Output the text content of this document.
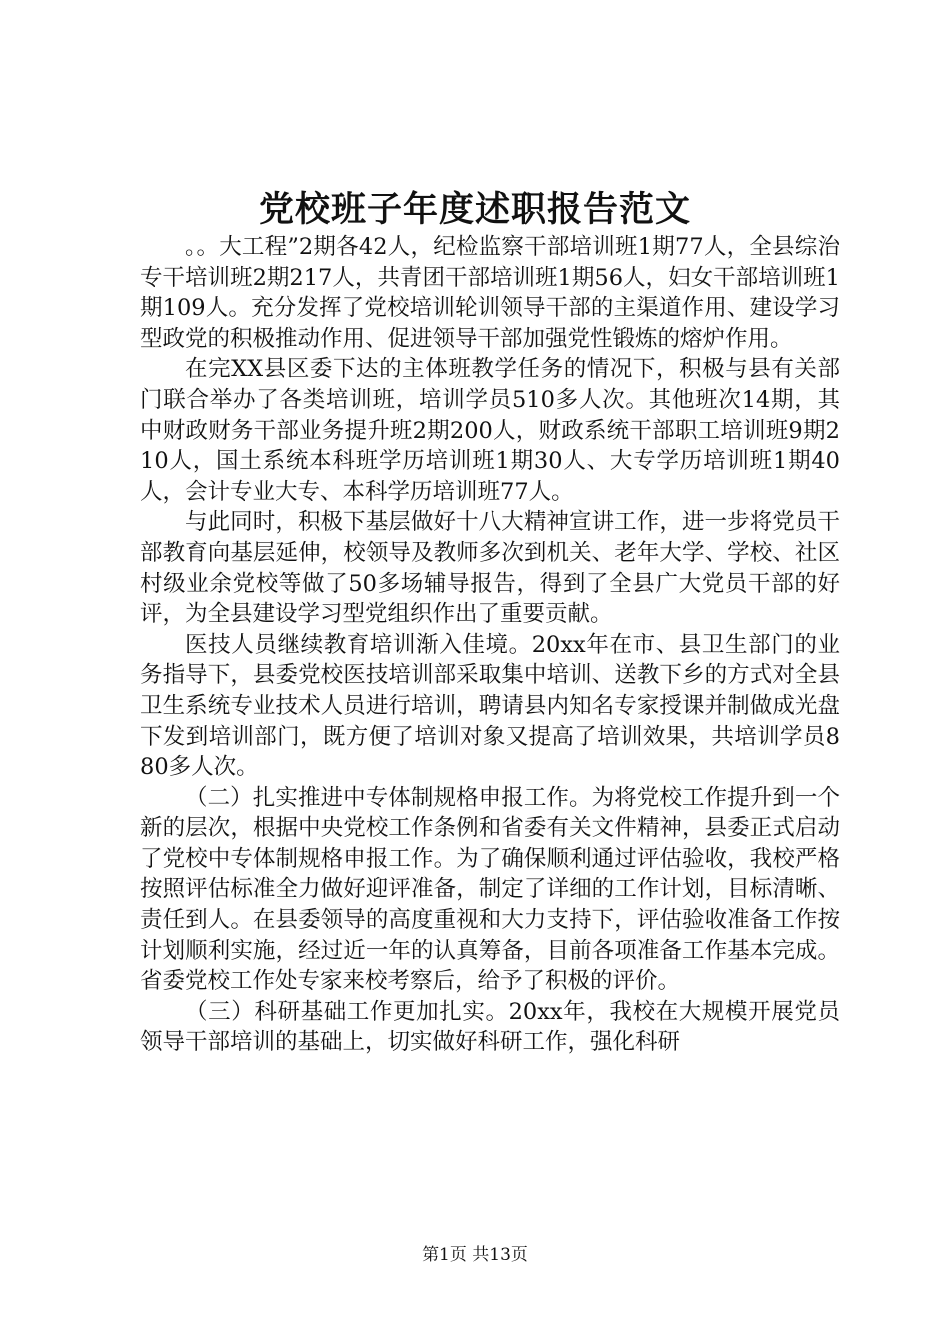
党校班子年度述职报告范文

。。大工程”2期各42人，纪检监察干部培训班1期77人，全县综治专干培训班2期217人，共青团干部培训班1期56人，妇女干部培训班1期109人。充分发挥了党校培训轮训领导干部的主渠道作用、建设学习型政党的积极推动作用、促进领导干部加强党性锻炼的熔炉作用。

在完XX县区委下达的主体班教学任务的情况下，积极与县有关部门联合举办了各类培训班，培训学员510多人次。其他班次14期，其中财政财务干部业务提升班2期200人，财政系统干部职工培训班9期210人，国土系统本科班学历培训班1期30人、大专学历培训班1期40人，会计专业大专、本科学历培训班77人。

与此同时，积极下基层做好十八大精神宣讲工作，进一步将党员干部教育向基层延伸，校领导及教师多次到机关、老年大学、学校、社区村级业余党校等做了50多场辅导报告，得到了全县广大党员干部的好评，为全县建设学习型党组织作出了重要贡献。

医技人员继续教育培训渐入佳境。20xx年在市、县卫生部门的业务指导下，县委党校医技培训部采取集中培训、送教下乡的方式对全县卫生系统专业技术人员进行培训，聘请县内知名专家授课并制做成光盘下发到培训部门，既方便了培训对象又提高了培训效果，共培训学员880多人次。

（二）扎实推进中专体制规格申报工作。为将党校工作提升到一个新的层次，根据中央党校工作条例和省委有关文件精神，县委正式启动了党校中专体制规格申报工作。为了确保顺利通过评估验收，我校严格按照评估标准全力做好迎评准备，制定了详细的工作计划，目标清晰、责任到人。在县委领导的高度重视和大力支持下，评估验收准备工作按计划顺利实施，经过近一年的认真筹备，目前各项准备工作基本完成。省委党校工作处专家来校考察后，给予了积极的评价。

（三）科研基础工作更加扎实。20xx年，我校在大规模开展党员领导干部培训的基础上，切实做好科研工作，强化科研

第1页 共13页
